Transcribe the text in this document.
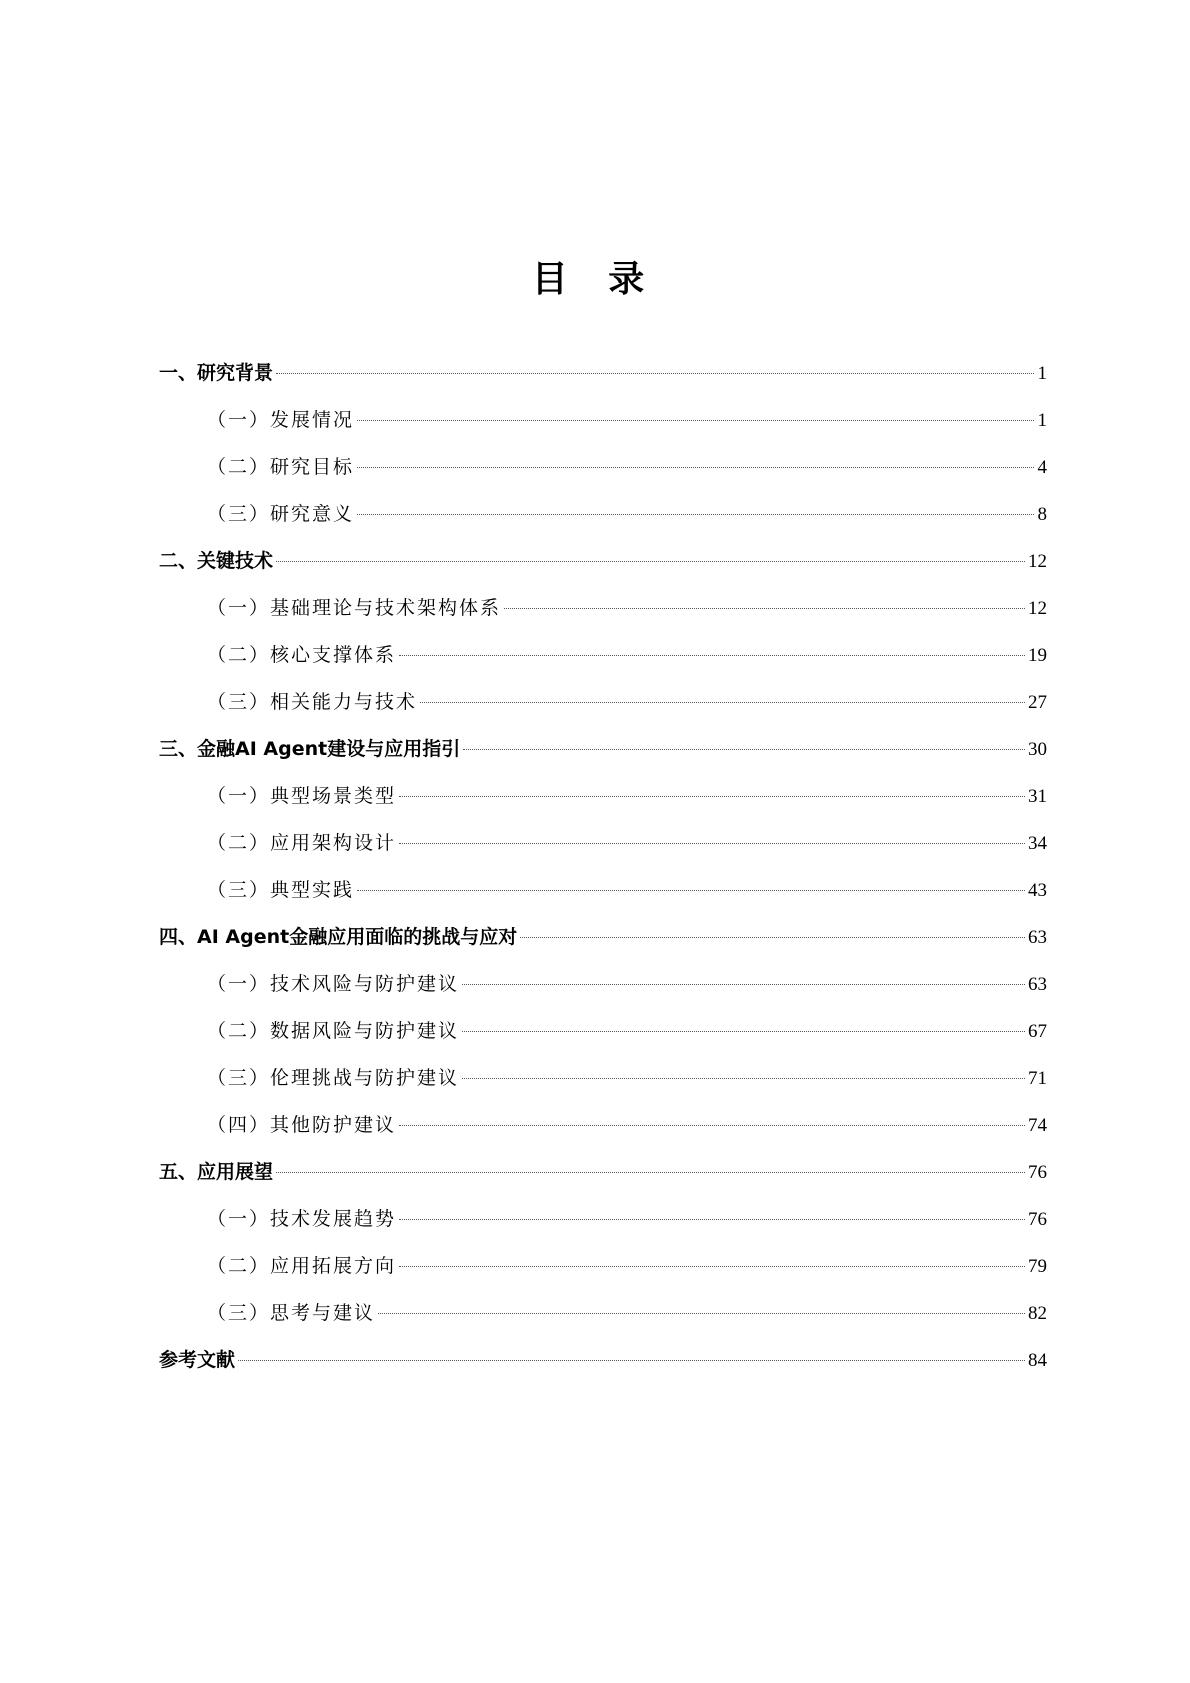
目 录
一、研究背景	1
（一）发展情况	1
（二）研究目标	4
（三）研究意义	8
二、关键技术	12
（一）基础理论与技术架构体系	12
（二）核心支撑体系	19
（三）相关能力与技术	27
三、金融AI Agent建设与应用指引	30
（一）典型场景类型	31
（二）应用架构设计	34
（三）典型实践	43
四、AI Agent金融应用面临的挑战与应对	63
（一）技术风险与防护建议	63
（二）数据风险与防护建议	67
（三）伦理挑战与防护建议	71
（四）其他防护建议	74
五、应用展望	76
（一）技术发展趋势	76
（二）应用拓展方向	79
（三）思考与建议	82
参考文献	84
